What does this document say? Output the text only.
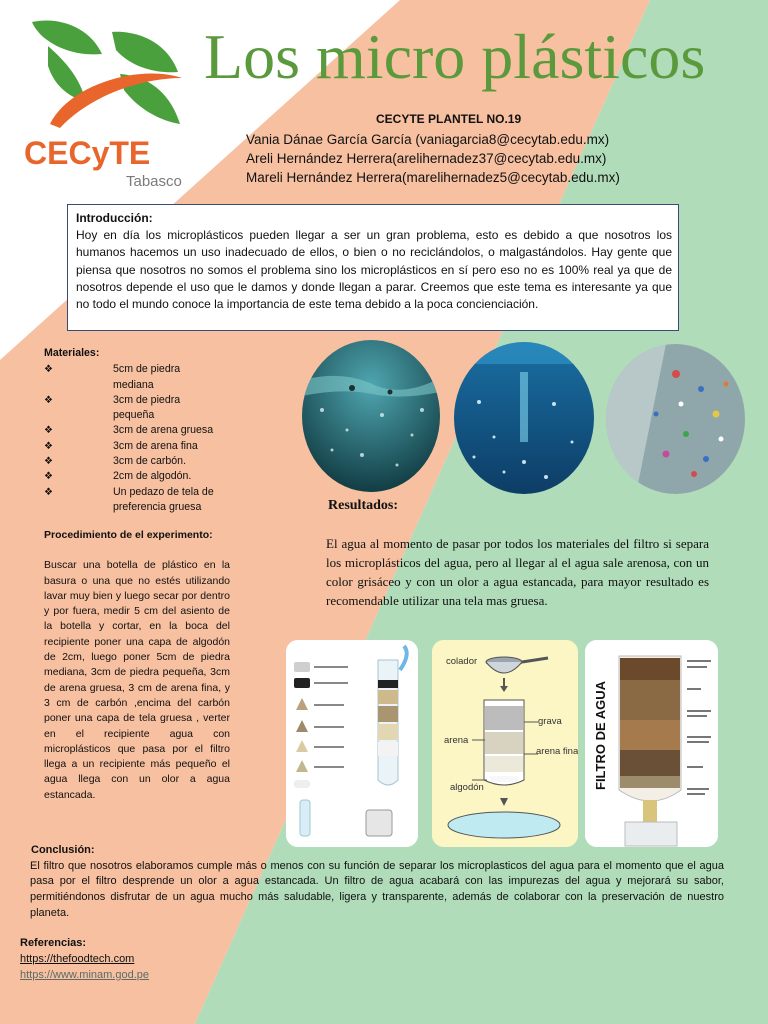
CECyTE
Tabasco
Los micro plásticos
CECYTE PLANTEL NO.19
Vania Dánae García García (vaniagarcia8@cecytab.edu.mx)
Areli Hernández Herrera(arelihernadez37@cecytab.edu.mx)
Mareli Hernández Herrera(marelihernadez5@cecytab.edu.mx)
Introducción:
Hoy en día los microplásticos pueden llegar a ser un gran problema, esto es debido a que nosotros los humanos hacemos un uso inadecuado de ellos, o bien o no reciclándolos, o malgastándolos. Hay gente que piensa que nosotros no somos el problema sino los microplásticos en sí pero eso no es 100% real ya que de nosotros depende el uso que le damos y donde llegan a parar. Creemos que este tema es interesante ya que no todo el mundo conoce la importancia de este tema debido a la poca concienciación.
Materiales:
❖	5cm de piedra mediana
❖	3cm de piedra pequeña
❖	3cm de arena gruesa
❖	3cm de arena fina
❖	3cm de carbón.
❖	2cm de algodón.
❖	Un pedazo de tela de preferencia gruesa
Procedimiento de el experimento:
Buscar una botella de plástico en la basura o una que no estés utilizando lavar muy bien y luego secar por dentro y por fuera, medir 5 cm del asiento de la botella y cortar, en la boca del recipiente poner una capa de algodón de 2cm, luego poner 5cm de piedra mediana, 3cm de piedra pequeña, 3cm de arena gruesa, 3 cm de arena fina, y 3 cm de carbón ,encima del carbón poner una capa de tela gruesa , verter en el recipiente agua con microplásticos que pasa por el filtro llega a un recipiente más pequeño el agua llega con un olor a agua estancada.
Resultados:
El agua al momento de pasar por todos los materiales del filtro si separa los microplásticos del agua, pero al llegar al el agua sale arenosa, con un color grisáceo y con un olor a agua estancada, para mayor resultado es recomendable utilizar una tela mas gruesa.
colador
grava
arena
arena fina
algodón	FILTRO DE AGUA
Conclusión:
El filtro que nosotros elaboramos cumple más o menos con su función de separar los microplasticos del agua para el momento que el agua pasa por el filtro desprende un olor a agua estancada. Un filtro de agua acabará con las impurezas del agua y mejorará su sabor, permitiéndonos disfrutar de un agua mucho más saludable, ligera y transparente, además de colaborar con la preservación de nuestro planeta.
Referencias:
https://thefoodtech.com
https://www.minam.god.pe
